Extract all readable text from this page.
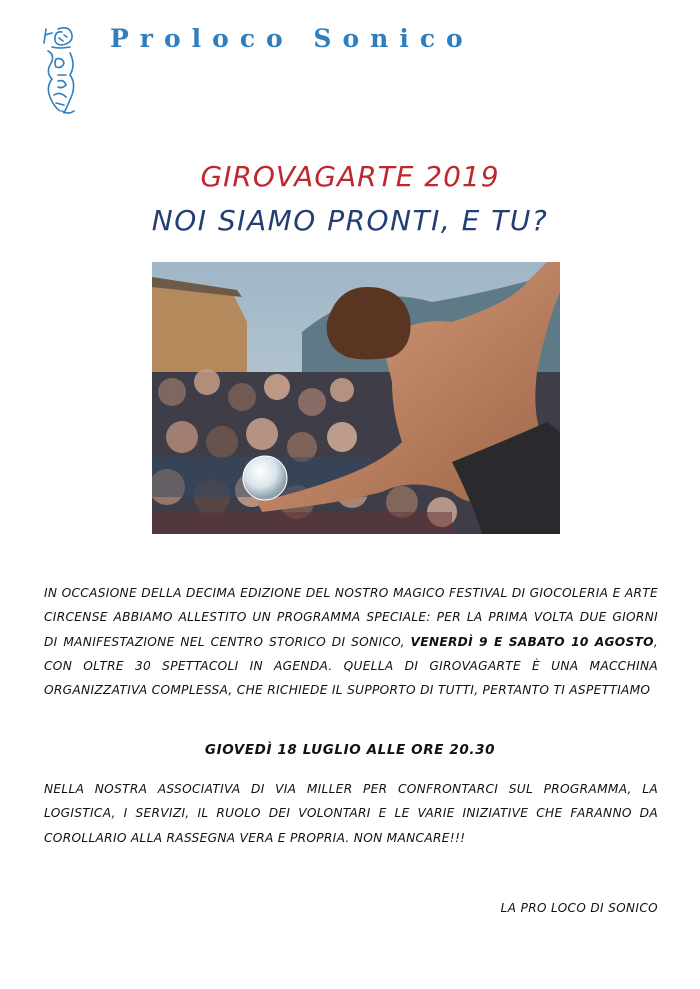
Proloco Sonico
GIROVAGARTE 2019
NOI SIAMO PRONTI, E TU?
IN OCCASIONE DELLA DECIMA EDIZIONE DEL NOSTRO MAGICO FESTIVAL DI GIOCOLERIA E ARTE CIRCENSE ABBIAMO ALLESTITO UN PROGRAMMA SPECIALE: PER LA PRIMA VOLTA DUE GIORNI DI MANIFESTAZIONE NEL CENTRO STORICO DI SONICO, VENERDÌ 9 E SABATO 10 AGOSTO, CON OLTRE 30 SPETTACOLI IN AGENDA. QUELLA DI GIROVAGARTE È UNA MACCHINA ORGANIZZATIVA COMPLESSA, CHE RICHIEDE IL SUPPORTO DI TUTTI, PERTANTO TI ASPETTIAMO
GIOVEDÌ 18 LUGLIO ALLE ORE 20.30
NELLA NOSTRA ASSOCIATIVA DI VIA MILLER PER CONFRONTARCI SUL PROGRAMMA, LA LOGISTICA, I SERVIZI, IL RUOLO DEI VOLONTARI E LE VARIE INIZIATIVE CHE FARANNO DA COROLLARIO ALLA RASSEGNA VERA E PROPRIA. NON MANCARE!!!
LA PRO LOCO DI SONICO
